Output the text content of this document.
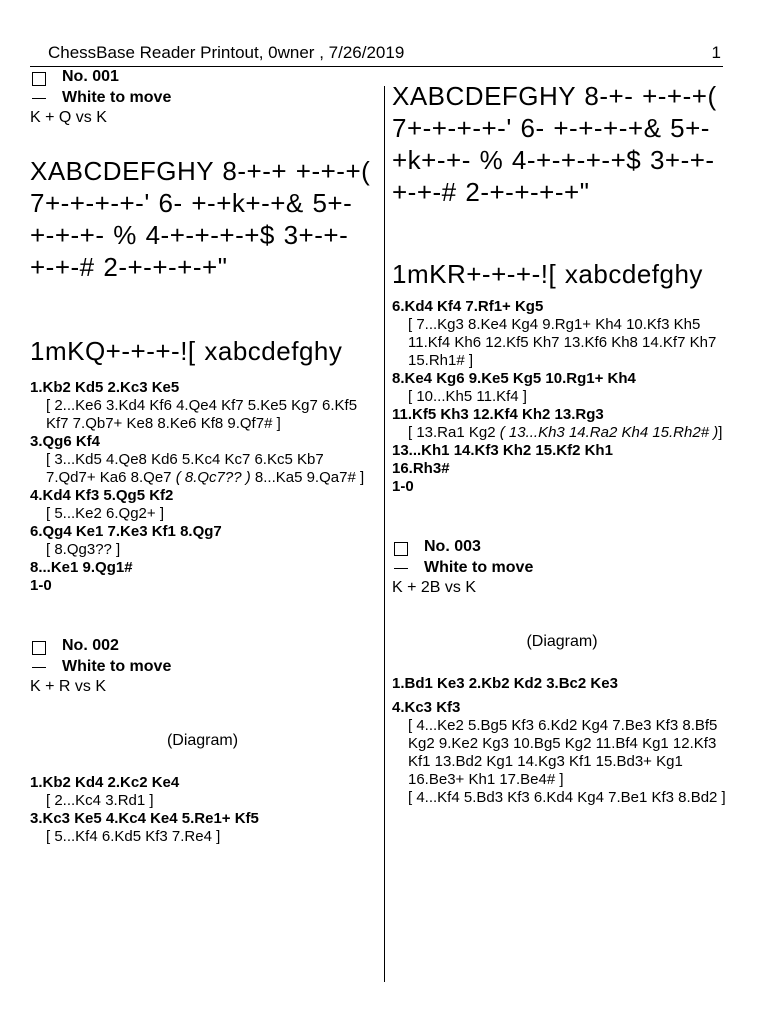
ChessBase Reader Printout, 0wner , 7/26/2019	1
No. 001
White to move
K + Q vs K

XABCDEFGHY 8-+-+ +-+-+( 7+-+-+-+-' 6- +-+k+-+& 5+-+-+-+- % 4-+-+-+-+$ 3+-+- +-+-# 2-+-+-+-+"

1mKQ+-+-+-![ xabcdefghy

1.Kb2 Kd5 2.Kc3 Ke5

[ 2...Ke6 3.Kd4 Kf6 4.Qe4 Kf7 5.Ke5 Kg7 6.Kf5 Kf7 7.Qb7+ Ke8 8.Ke6 Kf8 9.Qf7# ]

3.Qg6 Kf4

[ 3...Kd5 4.Qe8 Kd6 5.Kc4 Kc7 6.Kc5 Kb7 7.Qd7+ Ka6 8.Qe7 ( 8.Qc7?? ) 8...Ka5 9.Qa7# ]

4.Kd4 Kf3 5.Qg5 Kf2

[ 5...Ke2 6.Qg2+ ]

6.Qg4 Ke1 7.Ke3 Kf1 8.Qg7

[ 8.Qg3?? ]

8...Ke1 9.Qg1#

1-0

No. 002
White to move
K + R vs K
(Diagram)

1.Kb2 Kd4 2.Kc2 Ke4

[ 2...Kc4 3.Rd1 ]

3.Kc3 Ke5 4.Kc4 Ke4 5.Re1+ Kf5

[ 5...Kf4 6.Kd5 Kf3 7.Re4 ]

XABCDEFGHY 8-+- +-+-+( 7+-+-+-+-' 6- +-+-+-+& 5+-+k+-+- % 4-+-+-+-+$ 3+-+- +-+-# 2-+-+-+-+"

1mKR+-+-+-![ xabcdefghy

6.Kd4 Kf4 7.Rf1+ Kg5

[ 7...Kg3 8.Ke4 Kg4 9.Rg1+ Kh4 10.Kf3 Kh5 11.Kf4 Kh6 12.Kf5 Kh7 13.Kf6 Kh8 14.Kf7 Kh7 15.Rh1# ]

8.Ke4 Kg6 9.Ke5 Kg5 10.Rg1+ Kh4

[ 10...Kh5 11.Kf4 ]

11.Kf5 Kh3 12.Kf4 Kh2 13.Rg3

[ 13.Ra1 Kg2 ( 13...Kh3 14.Ra2 Kh4 15.Rh2# )]

13...Kh1 14.Kf3 Kh2 15.Kf2 Kh1

16.Rh3#

1-0

No. 003
White to move
K + 2B vs K
(Diagram)

1.Bd1 Ke3 2.Kb2 Kd2 3.Bc2 Ke3

4.Kc3 Kf3

[ 4...Ke2 5.Bg5 Kf3 6.Kd2 Kg4 7.Be3 Kf3 8.Bf5 Kg2 9.Ke2 Kg3 10.Bg5 Kg2 11.Bf4 Kg1 12.Kf3 Kf1 13.Bd2 Kg1 14.Kg3 Kf1 15.Bd3+ Kg1 16.Be3+ Kh1 17.Be4# ]

[ 4...Kf4 5.Bd3 Kf3 6.Kd4 Kg4 7.Be1 Kf3 8.Bd2 ]
